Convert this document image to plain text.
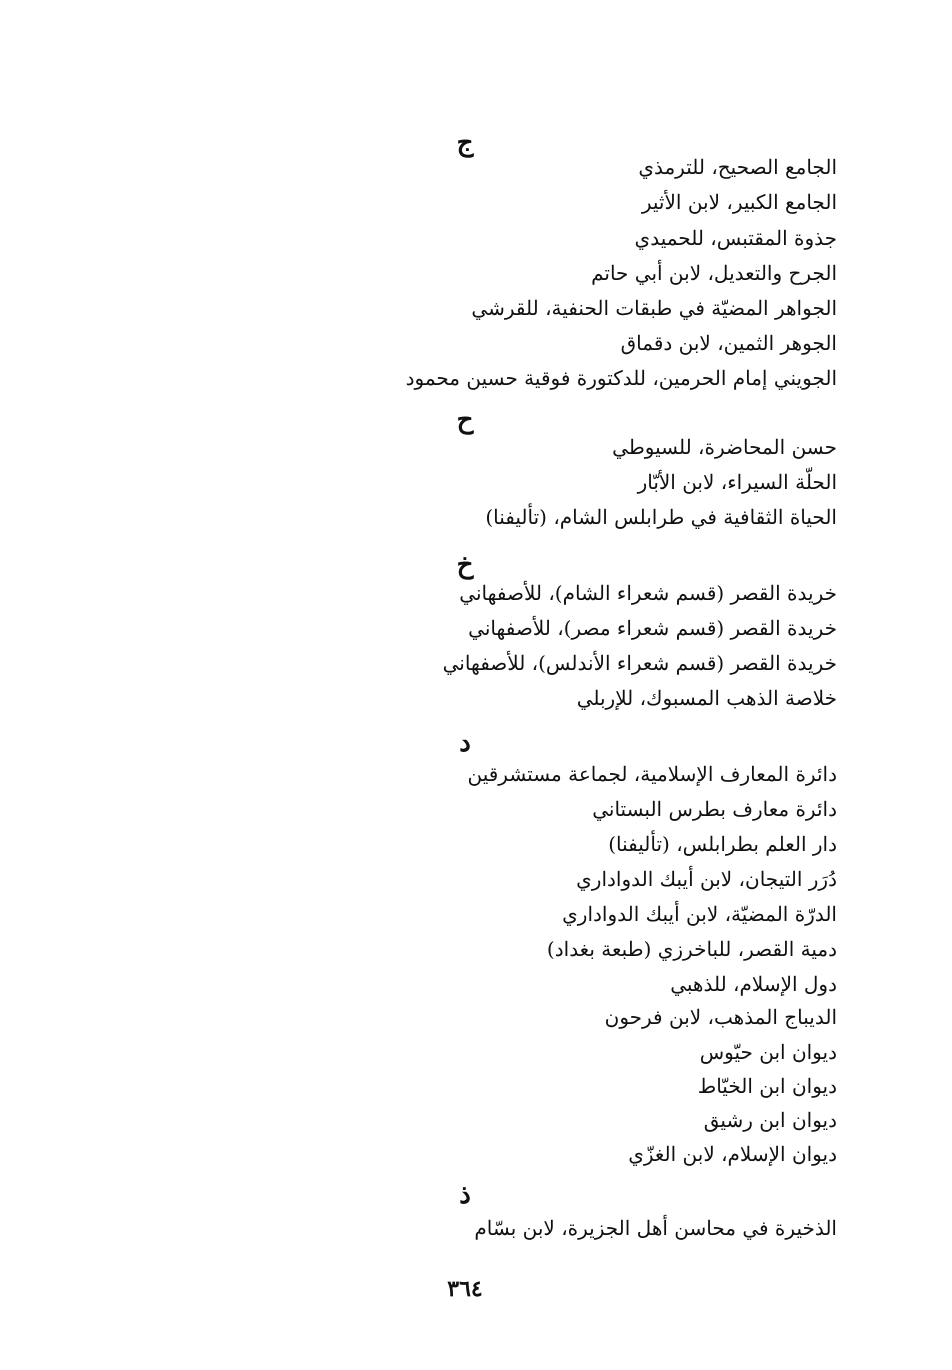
ج
الجامع الصحيح، للترمذي
الجامع الكبير، لابن الأثير
جذوة المقتبس، للحميدي
الجرح والتعديل، لابن أبي حاتم
الجواهر المضيّة في طبقات الحنفية، للقرشي
الجوهر الثمين، لابن دقماق
الجويني إمام الحرمين، للدكتورة فوقية حسين محمود
ح
حسن المحاضرة، للسيوطي
الحلّة السيراء، لابن الأبّار
الحياة الثقافية في طرابلس الشام، (تأليفنا)
خ
خريدة القصر (قسم شعراء الشام)، للأصفهاني
خريدة القصر (قسم شعراء مصر)، للأصفهاني
خريدة القصر (قسم شعراء الأندلس)، للأصفهاني
خلاصة الذهب المسبوك، للإربلي
د
دائرة المعارف الإسلامية، لجماعة مستشرقين
دائرة معارف بطرس البستاني
دار العلم بطرابلس، (تأليفنا)
دُرَر التيجان، لابن أيبك الدواداري
الدرّة المضيّة، لابن أيبك الدواداري
دمية القصر، للباخرزي (طبعة بغداد)
دول الإسلام، للذهبي
الديباج المذهب، لابن فرحون
ديوان ابن حيّوس
ديوان ابن الخيّاط
ديوان ابن رشيق
ديوان الإسلام، لابن الغزّي
ذ
الذخيرة في محاسن أهل الجزيرة، لابن بسّام
٣٦٤
